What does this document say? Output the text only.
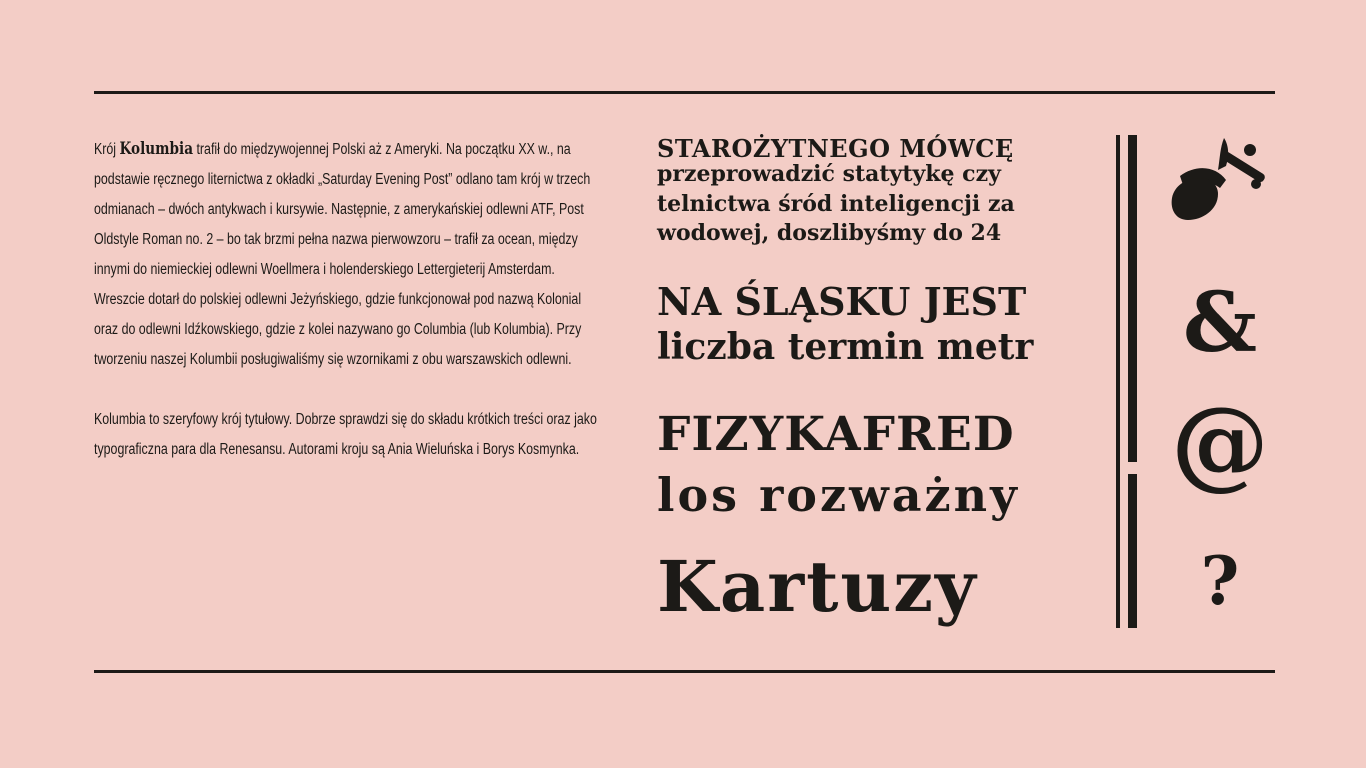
Krój Kolumbia trafił do międzywojennej Polski aż z Ameryki. Na początku XX w., na podstawie ręcznego liternictwa z okładki „Saturday Evening Post” odlano tam krój w trzech odmianach – dwóch antykwach i kursywie. Następnie, z amerykańskiej odlewni ATF, Post Oldstyle Roman no. 2 – bo tak brzmi pełna nazwa pierwowzoru – trafił za ocean, między innymi do niemieckiej odlewni Woellmera i holenderskiego Lettergieterij Amsterdam. Wreszcie dotarł do polskiej odlewni Jeżyńskiego, gdzie funkcjonował pod nazwą Kolonial oraz do odlewni Idźkowskiego, gdzie z kolei nazywano go Columbia (lub Kolumbia). Przy tworzeniu naszej Kolumbii posługiwaliśmy się wzornikami z obu warszawskich odlewni.

Kolumbia to szeryfowy krój tytułowy. Dobrze sprawdzi się do składu krótkich treści oraz jako typograficzna para dla Renesansu. Autorami kroju są Ania Wieluńska i Borys Kosmynka.

STAROŻYTNEGO MÓWCĘ
przeprowadzić statytykę czy
telnictwa śród inteligencji za
wodowej, doszlibyśmy do 24
NA ŚLĄSKU JEST
liczba termin metr
FIZYKAFRED
los rozważny
Kartuzy
&
@
?
